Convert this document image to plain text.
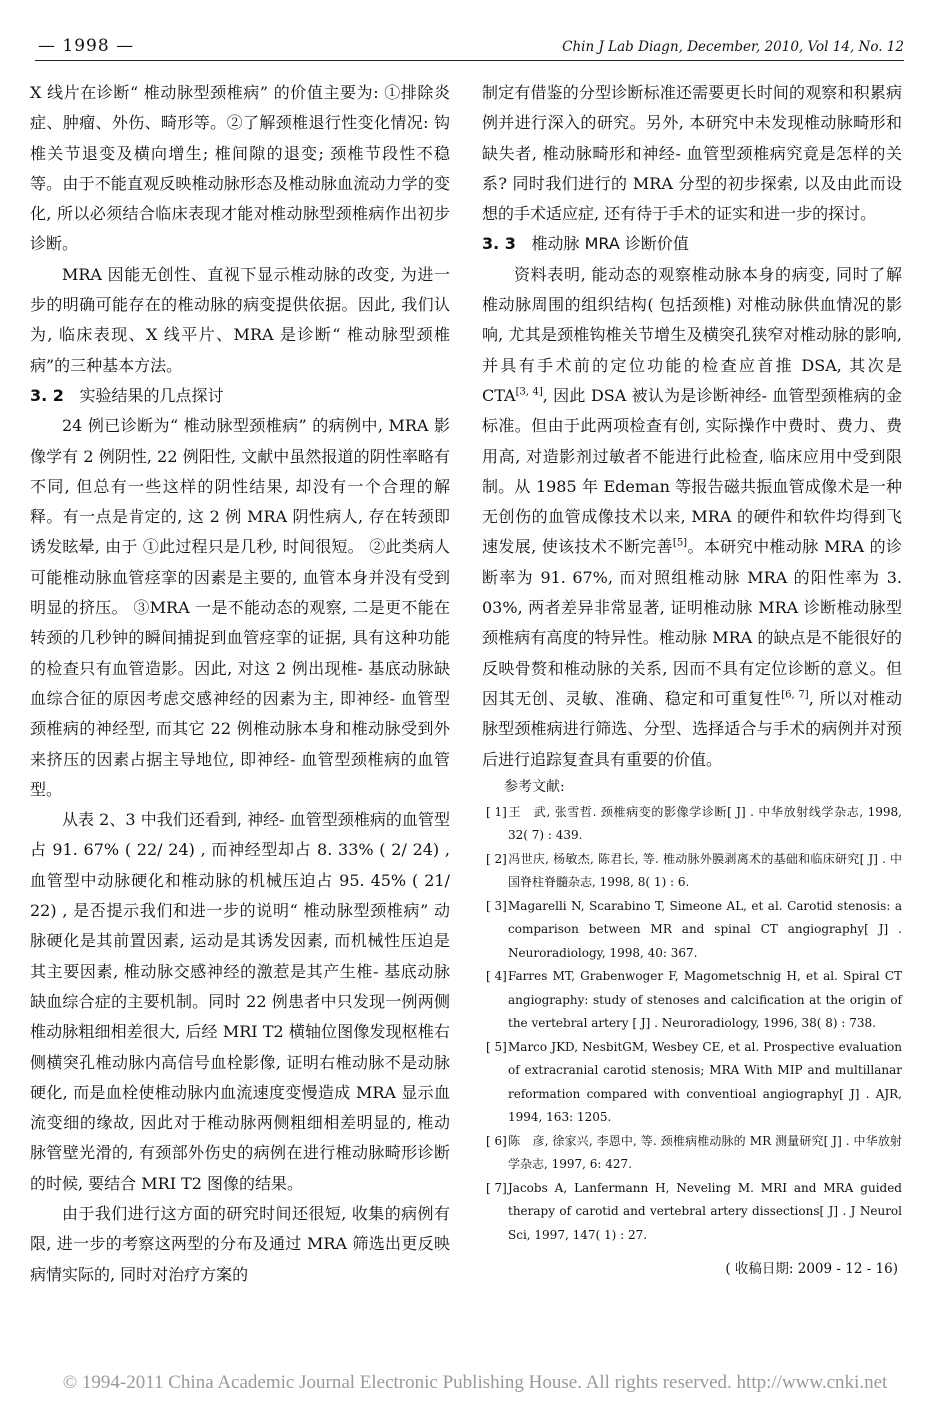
— 1998 —	Chin J Lab Diagn, December, 2010, Vol 14, No. 12

X 线片在诊断“ 椎动脉型颈椎病” 的价值主要为: ①排除炎症、肿瘤、外伤、畸形等。②了解颈椎退行性变化情况: 钩椎关节退变及横向增生; 椎间隙的退变; 颈椎节段性不稳等。由于不能直观反映椎动脉形态及椎动脉血流动力学的变化, 所以必须结合临床表现才能对椎动脉型颈椎病作出初步诊断。

MRA 因能无创性、直视下显示椎动脉的改变, 为进一步的明确可能存在的椎动脉的病变提供依据。因此, 我们认为, 临床表现、X 线平片、MRA 是诊断“ 椎动脉型颈椎病”的三种基本方法。

3. 2 实验结果的几点探讨

24 例已诊断为“ 椎动脉型颈椎病” 的病例中, MRA 影像学有 2 例阴性, 22 例阳性, 文献中虽然报道的阴性率略有不同, 但总有一些这样的阴性结果, 却没有一个合理的解释。有一点是肯定的, 这 2 例 MRA 阴性病人, 存在转颈即诱发眩晕, 由于 ①此过程只是几秒, 时间很短。 ②此类病人可能椎动脉血管痉挛的因素是主要的, 血管本身并没有受到明显的挤压。 ③MRA 一是不能动态的观察, 二是更不能在转颈的几秒钟的瞬间捕捉到血管痉挛的证据, 具有这种功能的检查只有血管造影。因此, 对这 2 例出现椎- 基底动脉缺血综合征的原因考虑交感神经的因素为主, 即神经- 血管型颈椎病的神经型, 而其它 22 例椎动脉本身和椎动脉受到外来挤压的因素占据主导地位, 即神经- 血管型颈椎病的血管型。

从表 2、3 中我们还看到, 神经- 血管型颈椎病的血管型占 91. 67% ( 22/ 24) , 而神经型却占 8. 33% ( 2/ 24) , 血管型中动脉硬化和椎动脉的机械压迫占 95. 45% ( 21/ 22) , 是否提示我们和进一步的说明“ 椎动脉型颈椎病” 动脉硬化是其前置因素, 运动是其诱发因素, 而机械性压迫是其主要因素, 椎动脉交感神经的激惹是其产生椎- 基底动脉缺血综合症的主要机制。同时 22 例患者中只发现一例两侧椎动脉粗细相差很大, 后经 MRI T2 横轴位图像发现枢椎右侧横突孔椎动脉内高信号血栓影像, 证明右椎动脉不是动脉硬化, 而是血栓使椎动脉内血流速度变慢造成 MRA 显示血流变细的缘故, 因此对于椎动脉两侧粗细相差明显的, 椎动脉管壁光滑的, 有颈部外伤史的病例在进行椎动脉畸形诊断的时候, 要结合 MRI T2 图像的结果。

由于我们进行这方面的研究时间还很短, 收集的病例有限, 进一步的考察这两型的分布及通过 MRA 筛选出更反映病情实际的, 同时对治疗方案的

制定有借鉴的分型诊断标准还需要更长时间的观察和积累病例并进行深入的研究。另外, 本研究中未发现椎动脉畸形和缺失者, 椎动脉畸形和神经- 血管型颈椎病究竟是怎样的关系? 同时我们进行的 MRA 分型的初步探索, 以及由此而设想的手术适应症, 还有待于手术的证实和进一步的探讨。

3. 3 椎动脉 MRA 诊断价值

资料表明, 能动态的观察椎动脉本身的病变, 同时了解椎动脉周围的组织结构( 包括颈椎) 对椎动脉供血情况的影响, 尤其是颈椎钩椎关节增生及横突孔狭窄对椎动脉的影响, 并具有手术前的定位功能的检查应首推 DSA, 其次是 CTA[3, 4], 因此 DSA 被认为是诊断神经- 血管型颈椎病的金标准。但由于此两项检查有创, 实际操作中费时、费力、费用高, 对造影剂过敏者不能进行此检查, 临床应用中受到限制。从 1985 年 Edeman 等报告磁共振血管成像术是一种无创伤的血管成像技术以来, MRA 的硬件和软件均得到飞速发展, 使该技术不断完善[5]。本研究中椎动脉 MRA 的诊断率为 91. 67%, 而对照组椎动脉 MRA 的阳性率为 3. 03%, 两者差异非常显著, 证明椎动脉 MRA 诊断椎动脉型颈椎病有高度的特异性。椎动脉 MRA 的缺点是不能很好的反映骨赘和椎动脉的关系, 因而不具有定位诊断的意义。但因其无创、灵敏、准确、稳定和可重复性[6, 7], 所以对椎动脉型颈椎病进行筛选、分型、选择适合与手术的病例并对预后进行追踪复查具有重要的价值。

参考文献:

[ 1]王　武, 张雪哲. 颈椎病变的影像学诊断[ J] . 中华放射线学杂志, 1998, 32( 7) : 439.

[ 2]冯世庆, 杨敏杰, 陈君长, 等. 椎动脉外膜剥离术的基础和临床研究[ J] . 中国脊柱脊髓杂志, 1998, 8( 1) : 6.

[ 3]Magarelli N, Scarabino T, Simeone AL, et al. Carotid stenosis: a comparison between MR and spinal CT angiography[ J] . Neuroradiology, 1998, 40: 367.

[ 4]Farres MT, Grabenwoger F, Magometschnig H, et al. Spiral CT angiography: study of stenoses and calcification at the origin of the vertebral artery [ J] . Neuroradiology, 1996, 38( 8) : 738.

[ 5]Marco JKD, NesbitGM, Wesbey CE, et al. Prospective evaluation of extracranial carotid stenosis; MRA With MIP and multillanar reformation compared with conventioal angiography[ J] . AJR, 1994, 163: 1205.

[ 6]陈　彦, 徐家兴, 李恩中, 等. 颈椎病椎动脉的 MR 测量研究[ J] . 中华放射学杂志, 1997, 6: 427.

[ 7]Jacobs A, Lanfermann H, Neveling M. MRI and MRA guided therapy of carotid and vertebral artery dissections[ J] . J Neurol Sci, 1997, 147( 1) : 27.

( 收稿日期: 2009 - 12 - 16)
© 1994-2011 China Academic Journal Electronic Publishing House. All rights reserved. http://www.cnki.net
